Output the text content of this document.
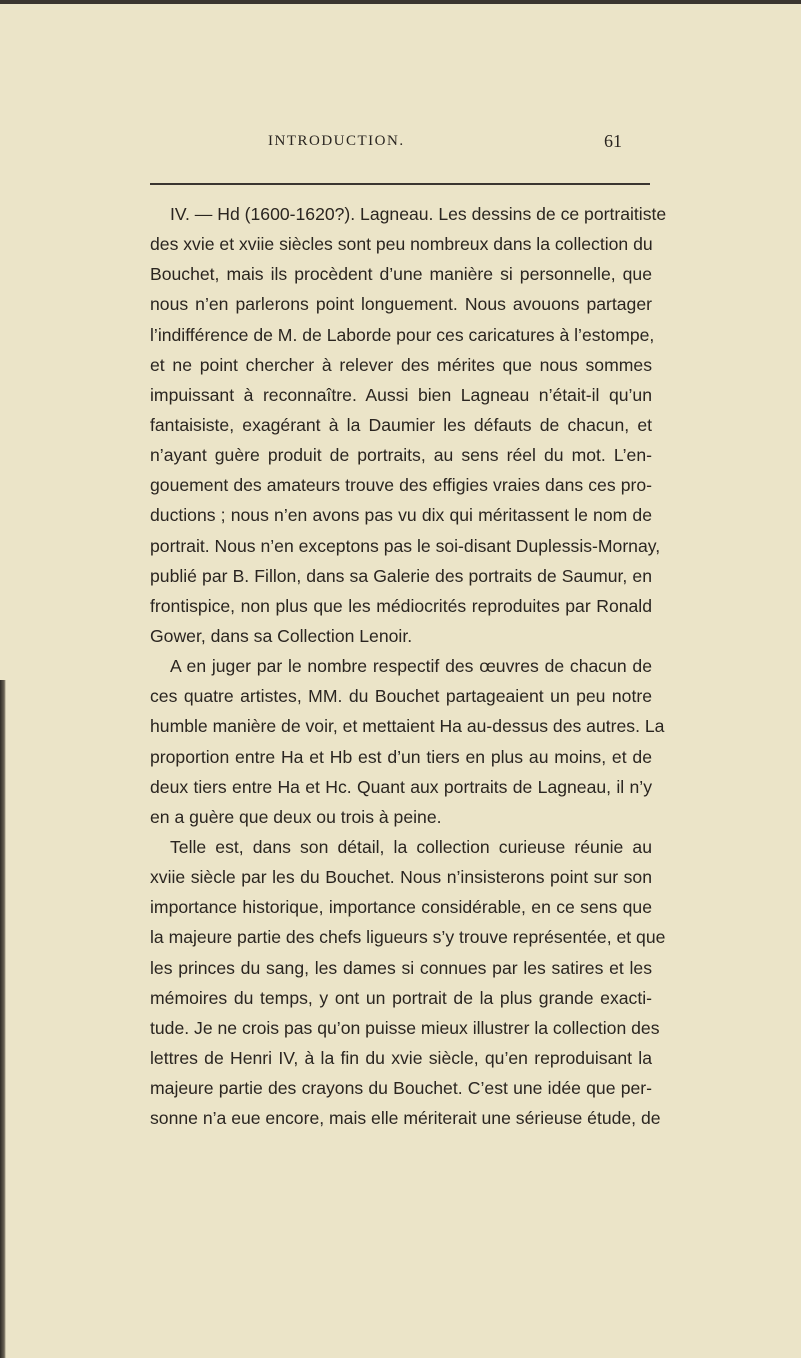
INTRODUCTION.	61
IV. — Hd (1600-1620?). Lagneau. Les dessins de ce portraitiste
des xvie et xviie siècles sont peu nombreux dans la collection du
Bouchet, mais ils procèdent d’une manière si personnelle, que
nous n’en parlerons point longuement. Nous avouons partager
l’indifférence de M. de Laborde pour ces caricatures à l’estompe,
et ne point chercher à relever des mérites que nous sommes
impuissant à reconnaître. Aussi bien Lagneau n’était-il qu’un
fantaisiste, exagérant à la Daumier les défauts de chacun, et
n’ayant guère produit de portraits, au sens réel du mot. L’en-
gouement des amateurs trouve des effigies vraies dans ces pro-
ductions ; nous n’en avons pas vu dix qui méritassent le nom de
portrait. Nous n’en exceptons pas le soi-disant Duplessis-Mornay,
publié par B. Fillon, dans sa Galerie des portraits de Saumur, en
frontispice, non plus que les médiocrités reproduites par Ronald
Gower, dans sa Collection Lenoir.
A en juger par le nombre respectif des œuvres de chacun de
ces quatre artistes, MM. du Bouchet partageaient un peu notre
humble manière de voir, et mettaient Ha au-dessus des autres. La
proportion entre Ha et Hb est d’un tiers en plus au moins, et de
deux tiers entre Ha et Hc. Quant aux portraits de Lagneau, il n’y
en a guère que deux ou trois à peine.
Telle est, dans son détail, la collection curieuse réunie au
xviie siècle par les du Bouchet. Nous n’insisterons point sur son
importance historique, importance considérable, en ce sens que
la majeure partie des chefs ligueurs s’y trouve représentée, et que
les princes du sang, les dames si connues par les satires et les
mémoires du temps, y ont un portrait de la plus grande exacti-
tude. Je ne crois pas qu’on puisse mieux illustrer la collection des
lettres de Henri IV, à la fin du xvie siècle, qu’en reproduisant la
majeure partie des crayons du Bouchet. C’est une idée que per-
sonne n’a eue encore, mais elle mériterait une sérieuse étude, de
